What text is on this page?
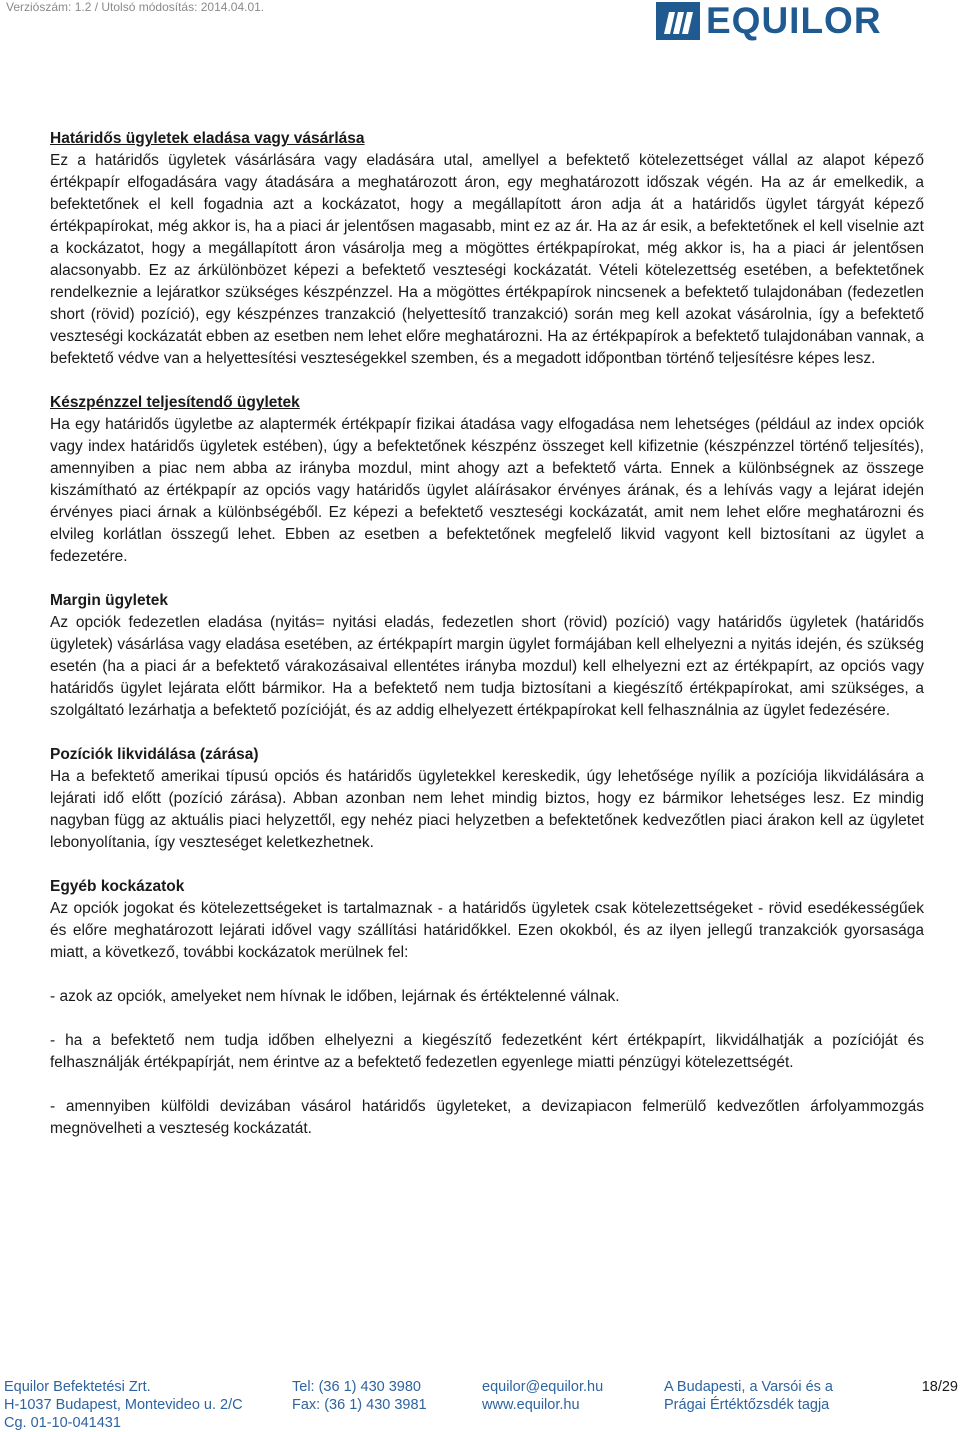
Verziószám: 1.2 / Utolsó módosítás: 2014.04.01.	EQUILOR

Határidős ügyletek eladása vagy vásárlása
Ez a határidős ügyletek vásárlására vagy eladására utal, amellyel a befektető kötelezettséget vállal az alapot képező értékpapír elfogadására vagy átadására a meghatározott áron, egy meghatározott időszak végén. Ha az ár emelkedik, a befektetőnek el kell fogadnia azt a kockázatot, hogy a megállapított áron adja át a határidős ügylet tárgyát képező értékpapírokat, még akkor is, ha a piaci ár jelentősen magasabb, mint ez az ár. Ha az ár esik, a befektetőnek el kell viselnie azt a kockázatot, hogy a megállapított áron vásárolja meg a mögöttes értékpapírokat, még akkor is, ha a piaci ár jelentősen alacsonyabb. Ez az árkülönbözet képezi a befektető veszteségi kockázatát. Vételi kötelezettség esetében, a befektetőnek rendelkeznie a lejáratkor szükséges készpénzzel. Ha a mögöttes értékpapírok nincsenek a befektető tulajdonában (fedezetlen short (rövid) pozíció), egy készpénzes tranzakció (helyettesítő tranzakció) során meg kell azokat vásárolnia, így a befektető veszteségi kockázatát ebben az esetben nem lehet előre meghatározni. Ha az értékpapírok a befektető tulajdonában vannak, a befektető védve van a helyettesítési veszteségekkel szemben, és a megadott időpontban történő teljesítésre képes lesz.

Készpénzzel teljesítendő ügyletek
Ha egy határidős ügyletbe az alaptermék értékpapír fizikai átadása vagy elfogadása nem lehetséges (például az index opciók vagy index határidős ügyletek estében), úgy a befektetőnek készpénz összeget kell kifizetnie (készpénzzel történő teljesítés), amennyiben a piac nem abba az irányba mozdul, mint ahogy azt a befektető várta. Ennek a különbségnek az összege kiszámítható az értékpapír az opciós vagy határidős ügylet aláírásakor érvényes árának, és a lehívás vagy a lejárat idején érvényes piaci árnak a különbségéből. Ez képezi a befektető veszteségi kockázatát, amit nem lehet előre meghatározni és elvileg korlátlan összegű lehet. Ebben az esetben a befektetőnek megfelelő likvid vagyont kell biztosítani az ügylet a fedezetére.

Margin ügyletek
Az opciók fedezetlen eladása (nyitás= nyitási eladás, fedezetlen short (rövid) pozíció) vagy határidős ügyletek (határidős ügyletek) vásárlása vagy eladása esetében, az értékpapírt margin ügylet formájában kell elhelyezni a nyitás idején, és szükség esetén (ha a piaci ár a befektető várakozásaival ellentétes irányba mozdul) kell elhelyezni ezt az értékpapírt, az opciós vagy határidős ügylet lejárata előtt bármikor. Ha a befektető nem tudja biztosítani a kiegészítő értékpapírokat, ami szükséges, a szolgáltató lezárhatja a befektető pozícióját, és az addig elhelyezett értékpapírokat kell felhasználnia az ügylet fedezésére.

Pozíciók likvidálása (zárása)
Ha a befektető amerikai típusú opciós és határidős ügyletekkel kereskedik, úgy lehetősége nyílik a pozíciója likvidálására a lejárati idő előtt (pozíció zárása). Abban azonban nem lehet mindig biztos, hogy ez bármikor lehetséges lesz. Ez mindig nagyban függ az aktuális piaci helyzettől, egy nehéz piaci helyzetben a befektetőnek kedvezőtlen piaci árakon kell az ügyletet lebonyolítania, így veszteséget keletkezhetnek.

Egyéb kockázatok
Az opciók jogokat és kötelezettségeket is tartalmaznak - a határidős ügyletek csak kötelezettségeket - rövid esedékességűek és előre meghatározott lejárati idővel vagy szállítási határidőkkel. Ezen okokból, és az ilyen jellegű tranzakciók gyorsasága miatt, a következő, további kockázatok merülnek fel:

- azok az opciók, amelyeket nem hívnak le időben, lejárnak és értéktelenné válnak.

- ha a befektető nem tudja időben elhelyezni a kiegészítő fedezetként kért értékpapírt, likvidálhatják a pozícióját és felhasználják értékpapírját, nem érintve az a befektető fedezetlen egyenlege miatti pénzügyi kötelezettségét.

- amennyiben külföldi devizában vásárol határidős ügyleteket, a devizapiacon felmerülő kedvezőtlen árfolyammozgás megnövelheti a veszteség kockázatát.

Equilor Befektetési Zrt.
H-1037 Budapest, Montevideo u. 2/C
Cg. 01-10-041431
Tel: (36 1) 430 3980
Fax: (36 1) 430 3981
equilor@equilor.hu
www.equilor.hu
A Budapesti, a Varsói és a
Prágai Értéktőzsdék tagja
18/29
